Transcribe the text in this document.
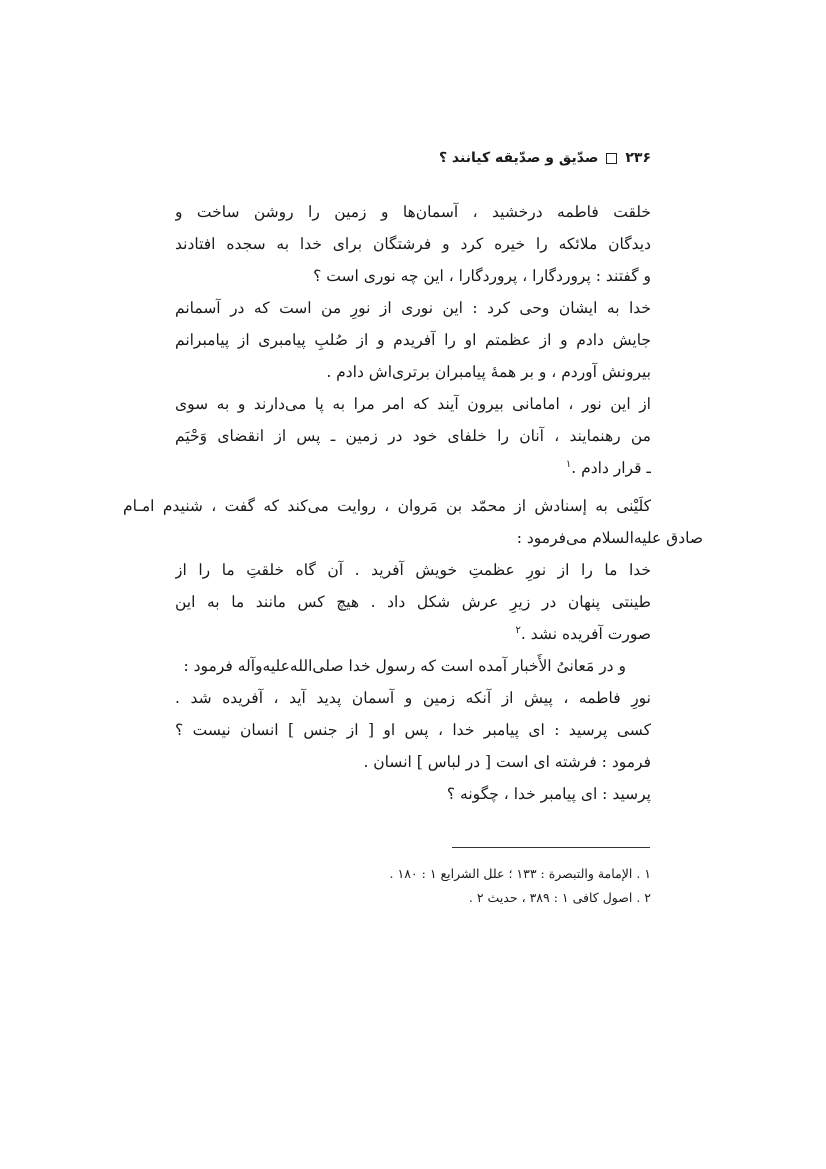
۲۳۶
صدّیق و صدّیقه کیانند ؟
خلقت فاطمه درخشید ، آسمان‌ها و زمین را روشن ساخت و
دیدگان ملائکه را خیره کرد و فرشتگان برای خدا به سجده افتادند
و گفتند : پروردگارا ، پروردگارا ، این چه نوری است ؟
خدا به ایشان وحی کرد : این نوری از نورِ من است که در آسمانم
جایش دادم و از عظمتم او را آفریدم و از صُلبِ پیامبری از پیامبرانم
بیرونش آوردم ، و بر همهٔ پیامبران برتری‌اش دادم .
از این نور ، امامانی بیرون آیند که امر مرا به پا می‌دارند و به سوی
من رهنمایند ، آنان را خلفای خود در زمین ـ پس از انقضای وَحْیَم
ـ قرار دادم .$^۱$
کلَیْنی به إسنادش از محمّد بن مَروان ، روایت می‌کند که گفت ، شنیدم امـام
صادق علیه‌السلام می‌فرمود :
خدا ما را از نورِ عظمتِ خویش آفرید . آن گاه خلقتِ ما را از
طینتی پنهان در زیرِ عرش شکل داد . هیچ کس مانند ما به این
صورت آفریده نشد .$^۲$
و در مَعانیُ الأَخبار آمده است که رسول خدا صلی‌الله‌علیه‌وآله فرمود :
نورِ فاطمه ، پیش از آنکه زمین و آسمان پدید آید ، آفریده شد .
کسی پرسید : ای پیامبر خدا ، پس او [ از جنس ] انسان نیست ؟
فرمود : فرشته ای است [ در لباس ] انسان .
پرسید : ای پیامبر خدا ، چگونه ؟
۱ . الإمامة والتبصرة : ۱۳۳ ؛ علل الشرایع ۱ : ۱۸۰ .
۲ . اصول کافی ۱ : ۳۸۹ ، حدیث ۲ .
